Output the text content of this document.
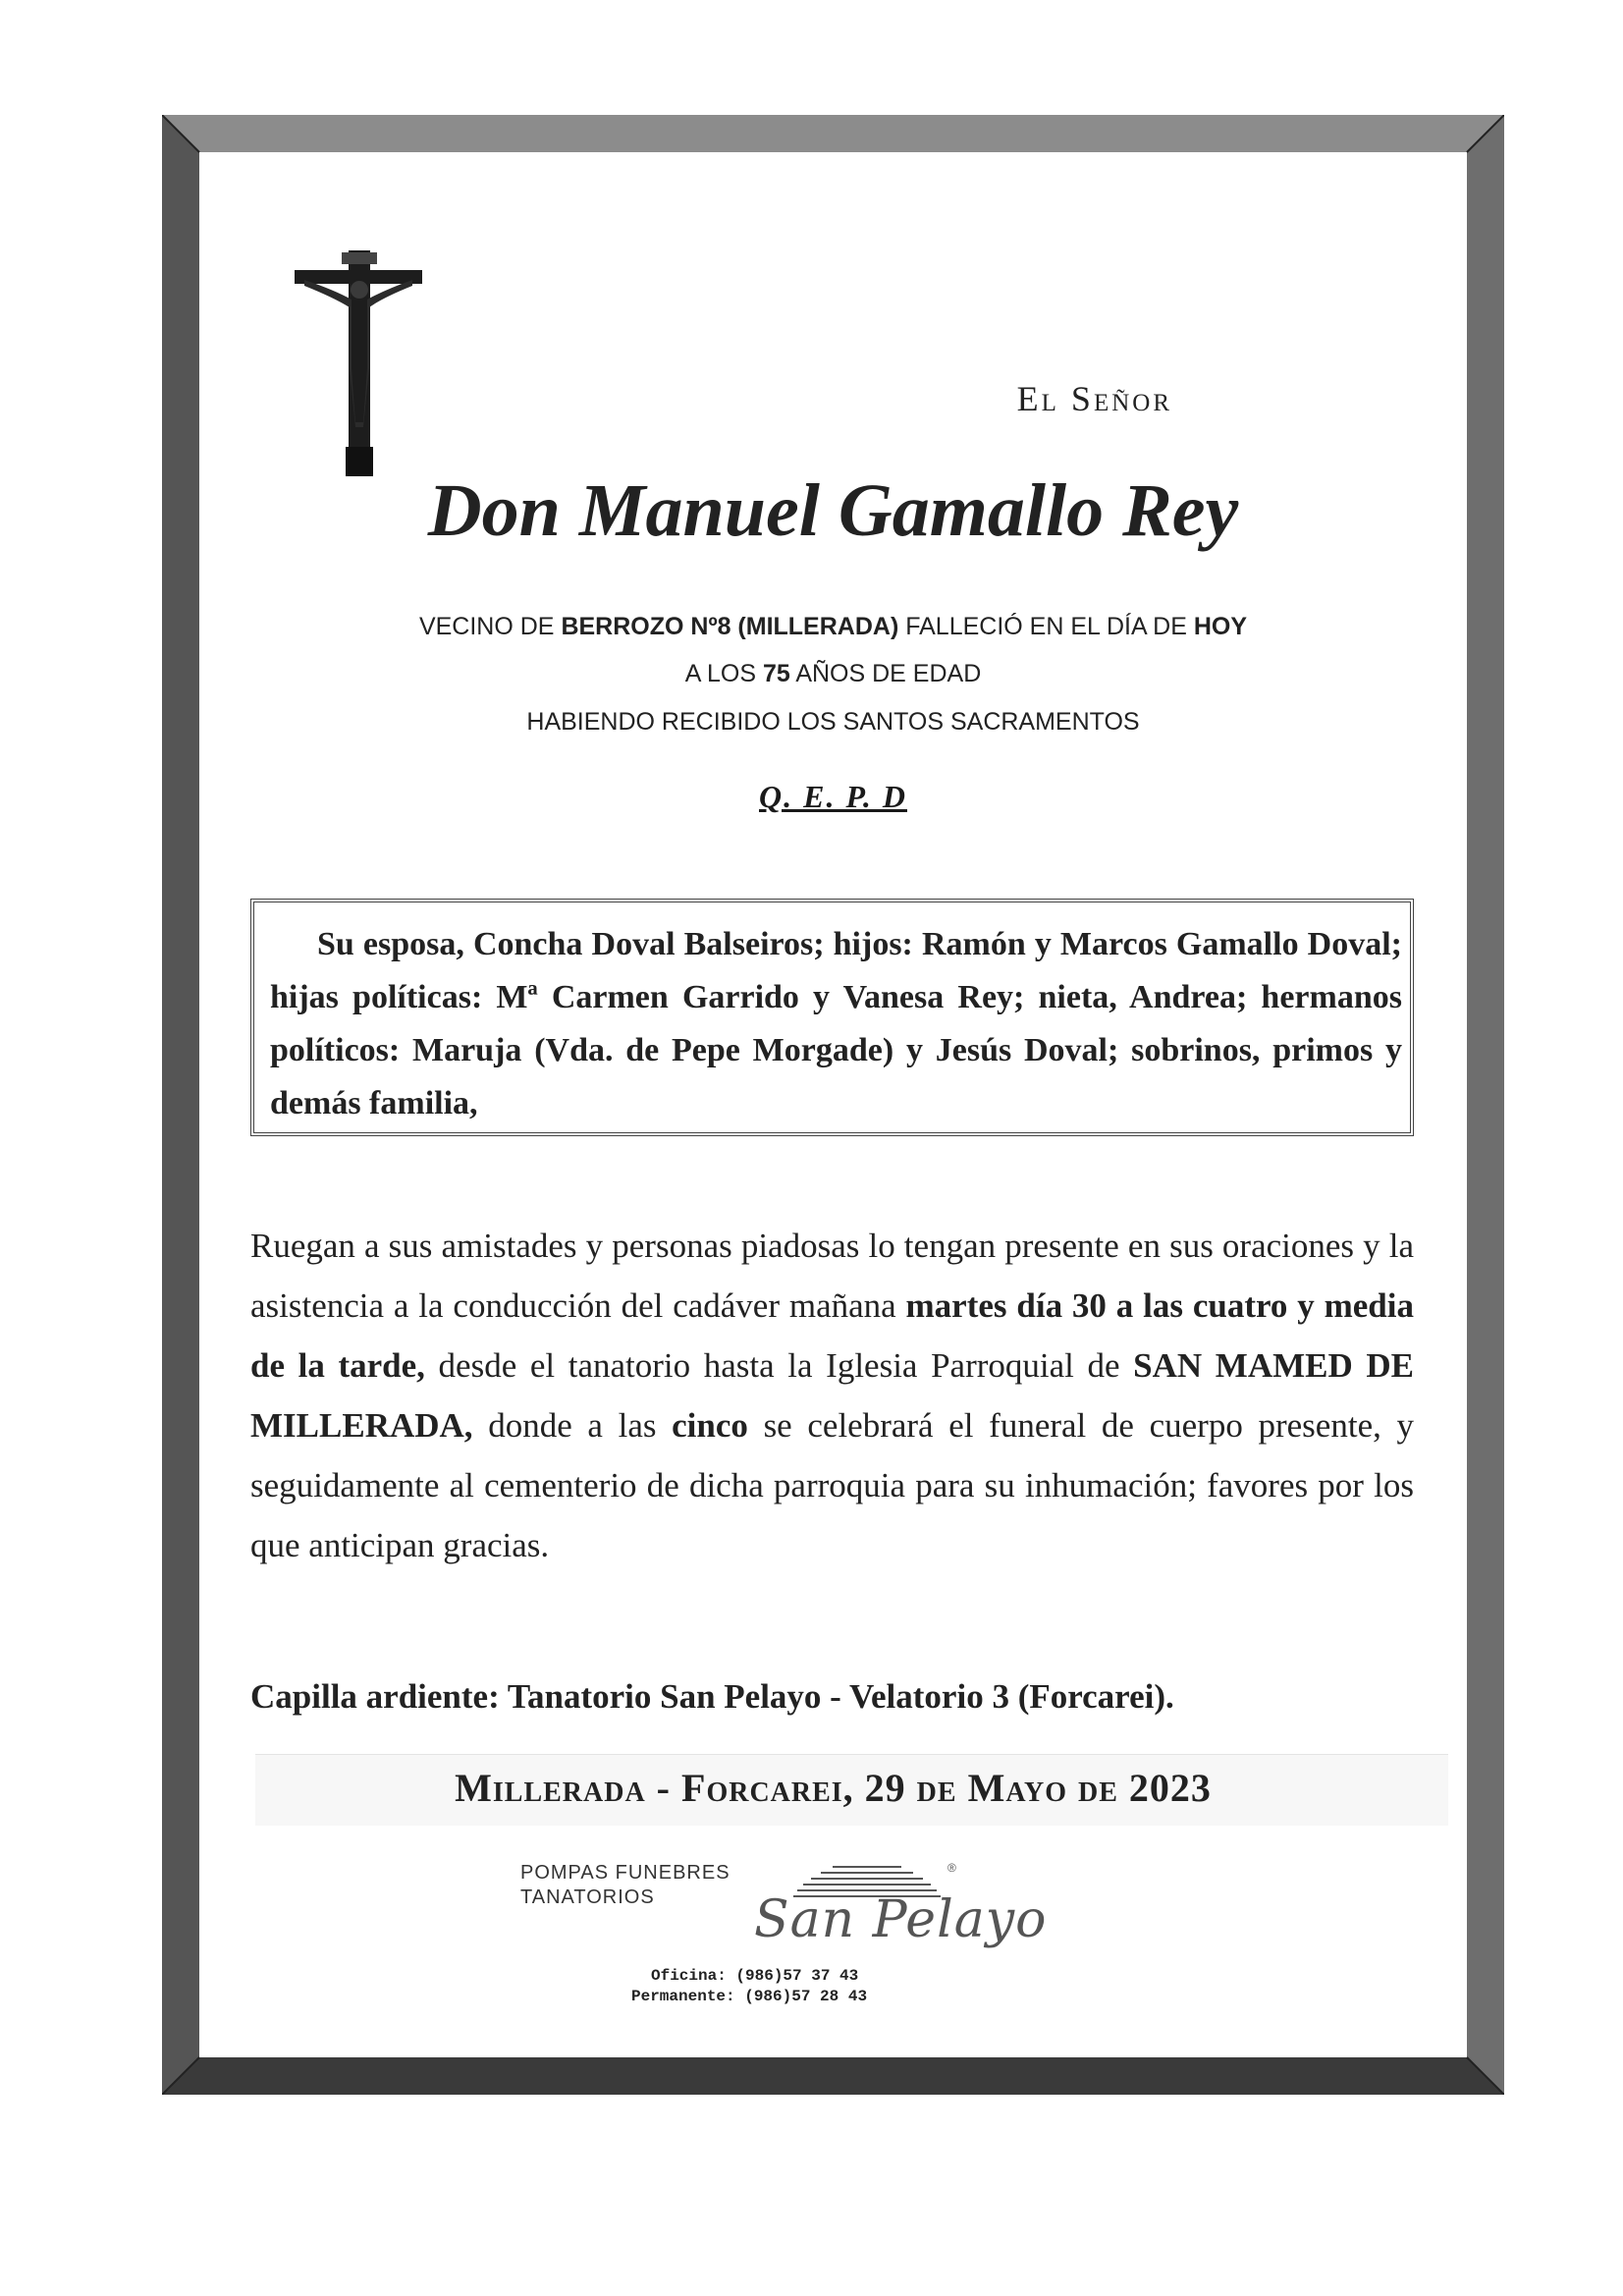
El Señor
Don Manuel Gamallo Rey
VECINO DE BERROZO Nº8 (MILLERADA) FALLECIÓ EN EL DÍA DE HOY
A LOS 75 AÑOS DE EDAD
HABIENDO RECIBIDO LOS SANTOS SACRAMENTOS
Q. E. P. D

Su esposa, Concha Doval Balseiros; hijos: Ramón y Marcos Gamallo Doval; hijas políticas: Mª Carmen Garrido y Vanesa Rey; nieta, Andrea; hermanos políticos: Maruja (Vda. de Pepe Morgade) y Jesús Doval; sobrinos, primos y demás familia,

Ruegan a sus amistades y personas piadosas lo tengan presente en sus oraciones y la asistencia a la conducción del cadáver mañana martes día 30 a las cuatro y media de la tarde, desde el tanatorio hasta la Iglesia Parroquial de SAN MAMED DE MILLERADA, donde a las cinco se celebrará el funeral de cuerpo presente, y seguidamente al cementerio de dicha parroquia para su inhumación; favores por los que anticipan gracias.
Capilla ardiente: Tanatorio San Pelayo - Velatorio 3 (Forcarei).
Millerada - Forcarei, 29 de Mayo de 2023
POMPAS FUNEBRES
TANATORIOS
®
San Pelayo
Oficina: (986)57 37 43
Permanente: (986)57 28 43
